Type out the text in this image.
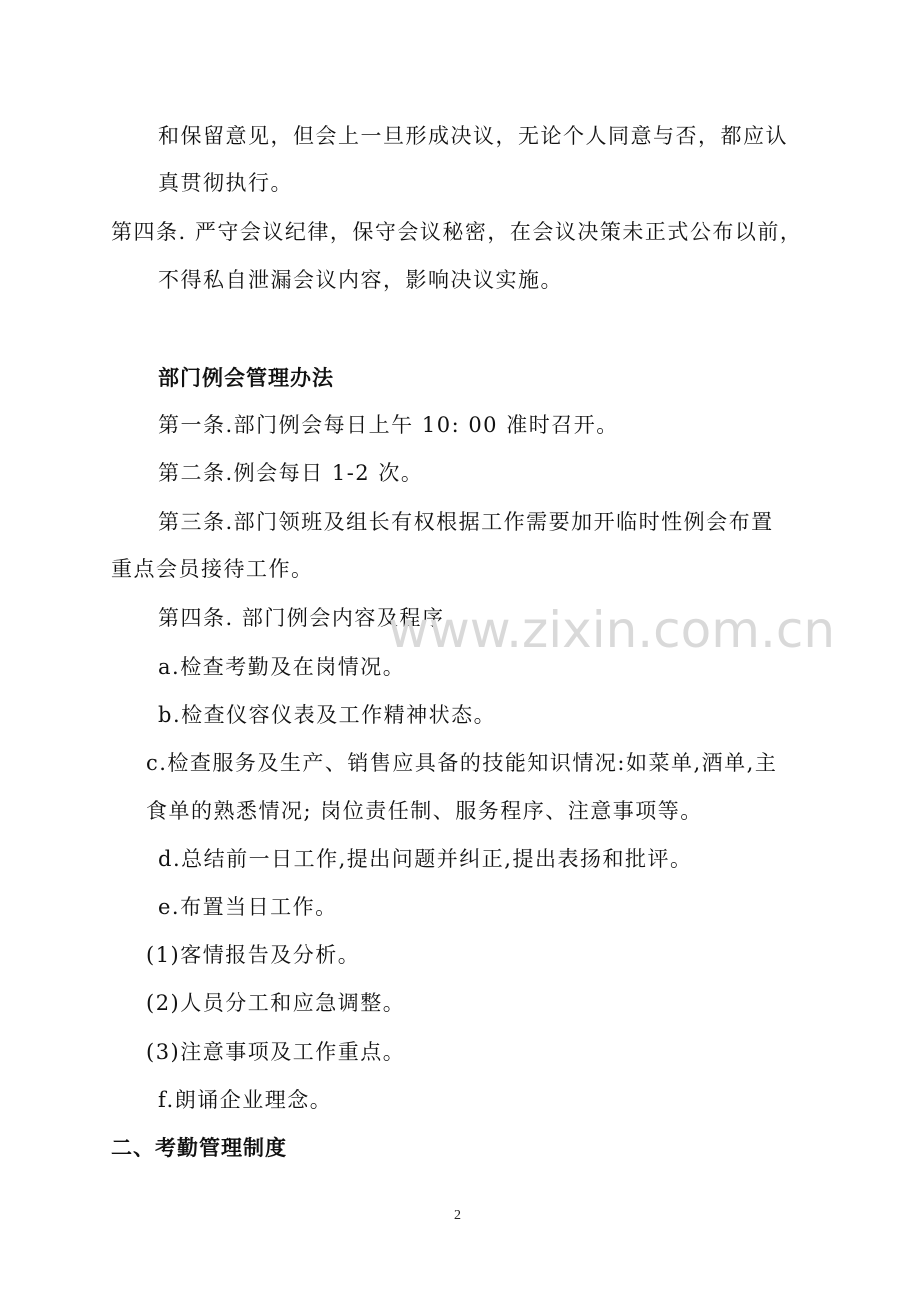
和保留意见，但会上一旦形成决议，无论个人同意与否，都应认
真贯彻执行。
第四条. 严守会议纪律，保守会议秘密，在会议决策未正式公布以前，
不得私自泄漏会议内容，影响决议实施。
部门例会管理办法
第一条.部门例会每日上午 10: 00 准时召开。
第二条.例会每日 1-2 次。
第三条.部门领班及组长有权根据工作需要加开临时性例会布置
重点会员接待工作。
第四条. 部门例会内容及程序
a.检查考勤及在岗情况。
b.检查仪容仪表及工作精神状态。
c.检查服务及生产、销售应具备的技能知识情况:如菜单,酒单,主
食单的熟悉情况; 岗位责任制、服务程序、注意事项等。
d.总结前一日工作,提出问题并纠正,提出表扬和批评。
e.布置当日工作。
(1)客情报告及分析。
(2)人员分工和应急调整。
(3)注意事项及工作重点。
f.朗诵企业理念。
二、考勤管理制度
www.zixin.com.cn
2
